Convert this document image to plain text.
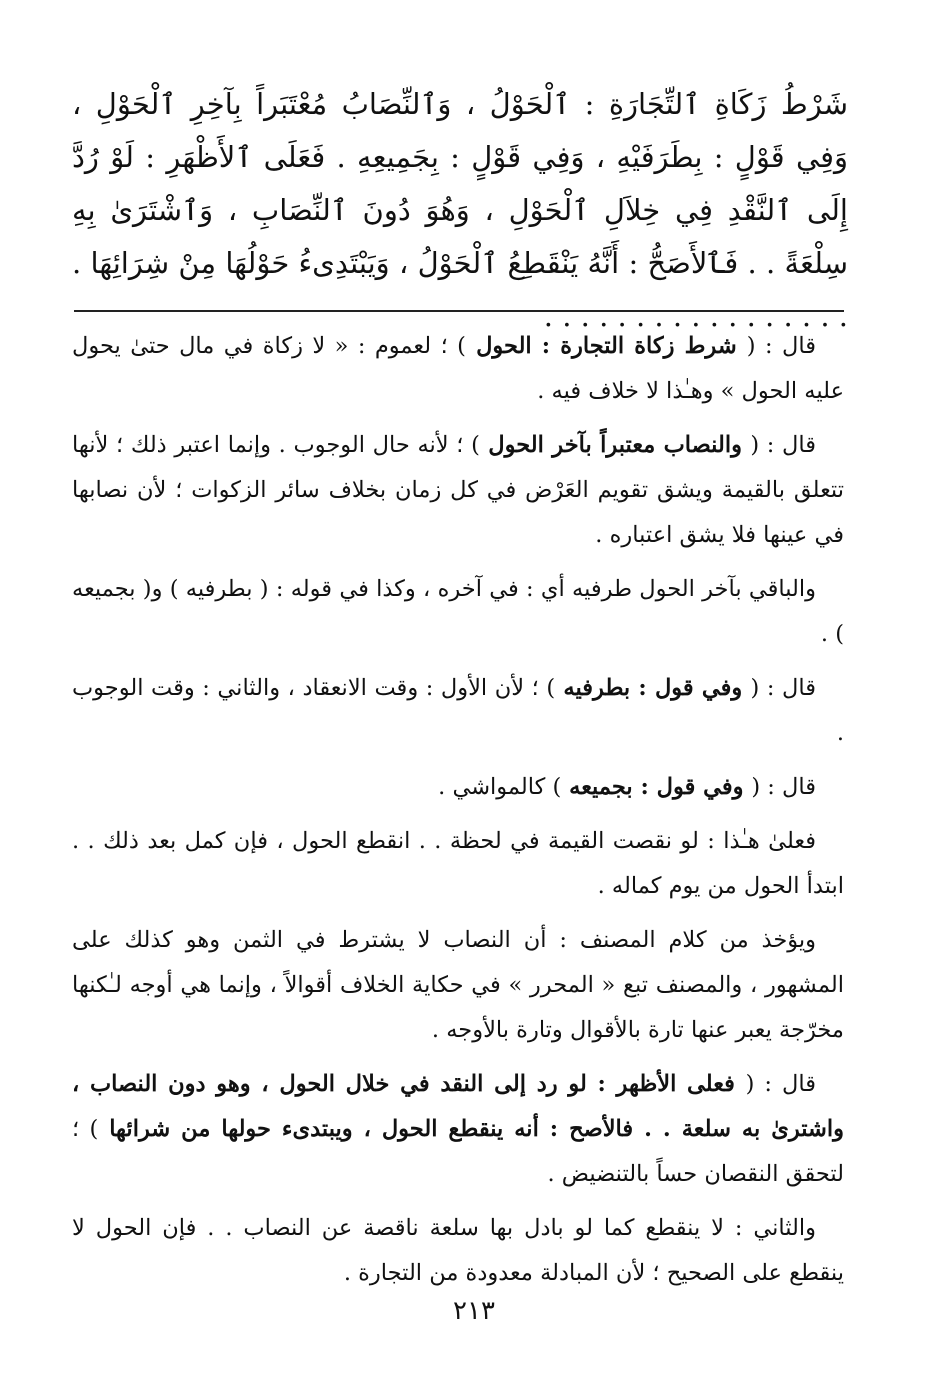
شَرْطُ زَكَاةِ ٱلتِّجَارَةِ : ٱلْحَوْلُ ، وَٱلنِّصَابُ مُعْتَبَراً بِآخِرِ ٱلْحَوْلِ ، وَفِي قَوْلٍ : بِطَرَفَيْهِ ، وَفِي قَوْلٍ : بِجَمِيعِهِ . فَعَلَى ٱلأَظْهَرِ : لَوْ رُدَّ إِلَى ٱلنَّقْدِ فِي خِلاَلِ ٱلْحَوْلِ ، وَهُوَ دُونَ ٱلنِّصَابِ ، وَٱشْتَرَىٰ بِهِ سِلْعَةً . . فَٱلأَصَحُّ : أَنَّهُ يَنْقَطِعُ ٱلْحَوْلُ ، وَيَبْتَدِىءُ حَوْلُهَا مِنْ شِرَائِهَا . . . . . . . . . . . . . . . . . .

قال : ( شرط زكاة التجارة : الحول ) ؛ لعموم : « لا زكاة في مال حتىٰ يحول عليه الحول » وهـٰذا لا خلاف فيه .

قال : ( والنصاب معتبراً بآخر الحول ) ؛ لأنه حال الوجوب . وإنما اعتبر ذلك ؛ لأنها تتعلق بالقيمة ويشق تقويم العَرْض في كل زمان بخلاف سائر الزكوات ؛ لأن نصابها في عينها فلا يشق اعتباره .

والباقي بآخر الحول طرفيه أي : في آخره ، وكذا في قوله : ( بطرفيه ) و( بجميعه ) .

قال : ( وفي قول : بطرفيه ) ؛ لأن الأول : وقت الانعقاد ، والثاني : وقت الوجوب .

قال : ( وفي قول : بجميعه ) كالمواشي .

فعلىٰ هـٰذا : لو نقصت القيمة في لحظة . . انقطع الحول ، فإن كمل بعد ذلك . . ابتدأ الحول من يوم كماله .

ويؤخذ من كلام المصنف : أن النصاب لا يشترط في الثمن وهو كذلك على المشهور ، والمصنف تبع « المحرر » في حكاية الخلاف أقوالاً ، وإنما هي أوجه لـٰكنها مخرّجة يعبر عنها تارة بالأقوال وتارة بالأوجه .

قال : ( فعلى الأظهر : لو رد إلى النقد في خلال الحول ، وهو دون النصاب ، واشترىٰ به سلعة . . فالأصح : أنه ينقطع الحول ، ويبتدىء حولها من شرائها ) ؛ لتحقق النقصان حساً بالتنضيض .

والثاني : لا ينقطع كما لو بادل بها سلعة ناقصة عن النصاب . . فإن الحول لا ينقطع على الصحيح ؛ لأن المبادلة معدودة من التجارة .

٢١٣
